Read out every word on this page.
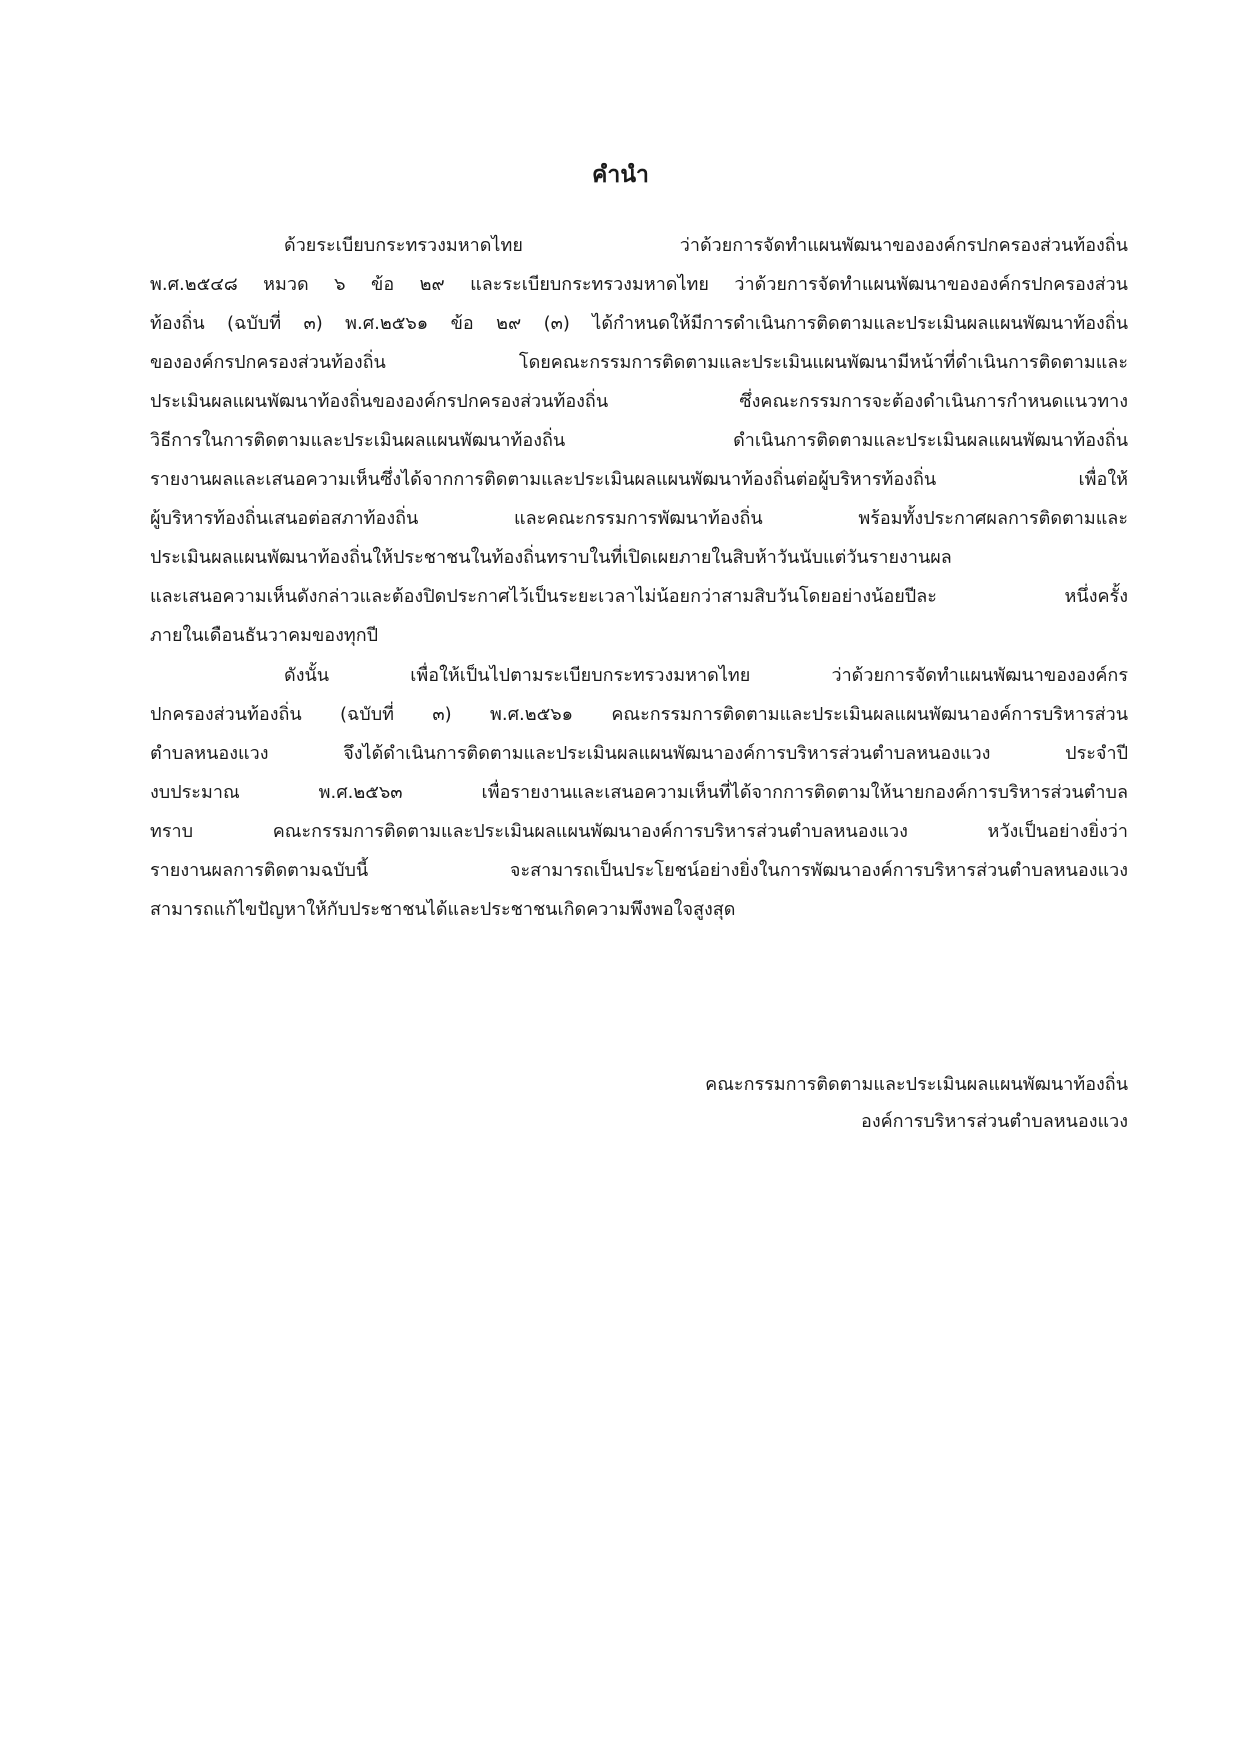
คำนำ
ด้วยระเบียบกระทรวงมหาดไทย ว่าด้วยการจัดทำแผนพัฒนาขององค์กรปกครองส่วนท้องถิ่น
พ.ศ.๒๕๔๘ หมวด ๖ ข้อ ๒๙ และระเบียบกระทรวงมหาดไทย ว่าด้วยการจัดทำแผนพัฒนาขององค์กรปกครองส่วน
ท้องถิ่น (ฉบับที่ ๓) พ.ศ.๒๕๖๑ ข้อ ๒๙ (๓) ได้กำหนดให้มีการดำเนินการติดตามและประเมินผลแผนพัฒนาท้องถิ่น
ขององค์กรปกครองส่วนท้องถิ่น โดยคณะกรรมการติดตามและประเมินแผนพัฒนามีหน้าที่ดำเนินการติดตามและ
ประเมินผลแผนพัฒนาท้องถิ่นขององค์กรปกครองส่วนท้องถิ่น ซึ่งคณะกรรมการจะต้องดำเนินการกำหนดแนวทาง
วิธีการในการติดตามและประเมินผลแผนพัฒนาท้องถิ่น ดำเนินการติดตามและประเมินผลแผนพัฒนาท้องถิ่น
รายงานผลและเสนอความเห็นซึ่งได้จากการติดตามและประเมินผลแผนพัฒนาท้องถิ่นต่อผู้บริหารท้องถิ่น เพื่อให้
ผู้บริหารท้องถิ่นเสนอต่อสภาท้องถิ่น และคณะกรรมการพัฒนาท้องถิ่น พร้อมทั้งประกาศผลการติดตามและ
ประเมินผลแผนพัฒนาท้องถิ่นให้ประชาชนในท้องถิ่นทราบในที่เปิดเผยภายในสิบห้าวันนับแต่วันรายงานผล
และเสนอความเห็นดังกล่าวและต้องปิดประกาศไว้เป็นระยะเวลาไม่น้อยกว่าสามสิบวันโดยอย่างน้อยปีละ หนึ่งครั้ง
ภายในเดือนธันวาคมของทุกปี
ดังนั้น เพื่อให้เป็นไปตามระเบียบกระทรวงมหาดไทย ว่าด้วยการจัดทำแผนพัฒนาขององค์กร
ปกครองส่วนท้องถิ่น (ฉบับที่ ๓) พ.ศ.๒๕๖๑ คณะกรรมการติดตามและประเมินผลแผนพัฒนาองค์การบริหารส่วน
ตำบลหนองแวง จึงได้ดำเนินการติดตามและประเมินผลแผนพัฒนาองค์การบริหารส่วนตำบลหนองแวง ประจำปี
งบประมาณ พ.ศ.๒๕๖๓ เพื่อรายงานและเสนอความเห็นที่ได้จากการติดตามให้นายกองค์การบริหารส่วนตำบล
ทราบ คณะกรรมการติดตามและประเมินผลแผนพัฒนาองค์การบริหารส่วนตำบลหนองแวง หวังเป็นอย่างยิ่งว่า
รายงานผลการติดตามฉบับนี้ จะสามารถเป็นประโยชน์อย่างยิ่งในการพัฒนาองค์การบริหารส่วนตำบลหนองแวง
สามารถแก้ไขปัญหาให้กับประชาชนได้และประชาชนเกิดความพึงพอใจสูงสุด
คณะกรรมการติดตามและประเมินผลแผนพัฒนาท้องถิ่น
องค์การบริหารส่วนตำบลหนองแวง
